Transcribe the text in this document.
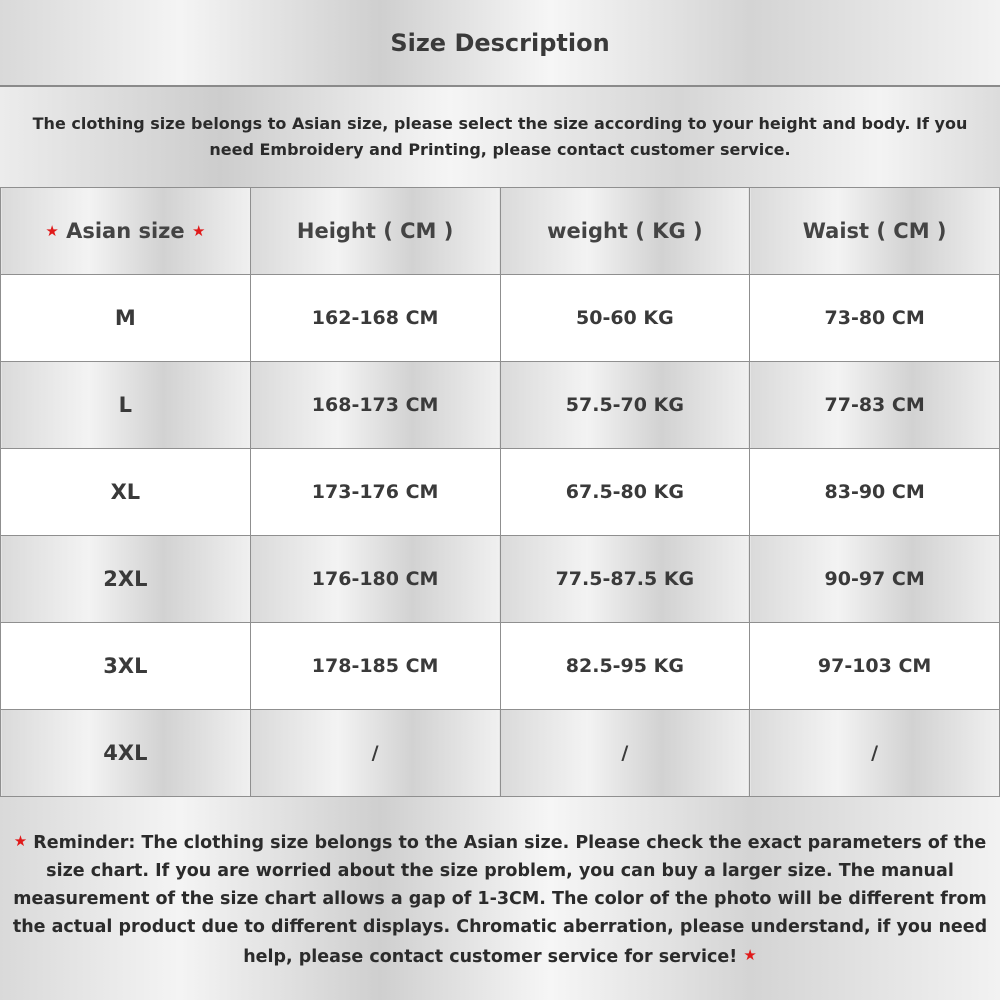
Size Description
The clothing size belongs to Asian size, please select the size according to your height and body. If you need Embroidery and Printing, please contact customer service.
★ Asian size ★	Height ( CM )	weight ( KG )	Waist ( CM )
M	162-168 CM	50-60 KG	73-80 CM
L	168-173 CM	57.5-70 KG	77-83 CM
XL	173-176 CM	67.5-80 KG	83-90 CM
2XL	176-180 CM	77.5-87.5 KG	90-97 CM
3XL	178-185 CM	82.5-95 KG	97-103 CM
4XL	/	/	/
★ Reminder: The clothing size belongs to the Asian size. Please check the exact parameters of the size chart. If you are worried about the size problem, you can buy a larger size. The manual measurement of the size chart allows a gap of 1-3CM. The color of the photo will be different from the actual product due to different displays. Chromatic aberration, please understand, if you need help, please contact customer service for service! ★
